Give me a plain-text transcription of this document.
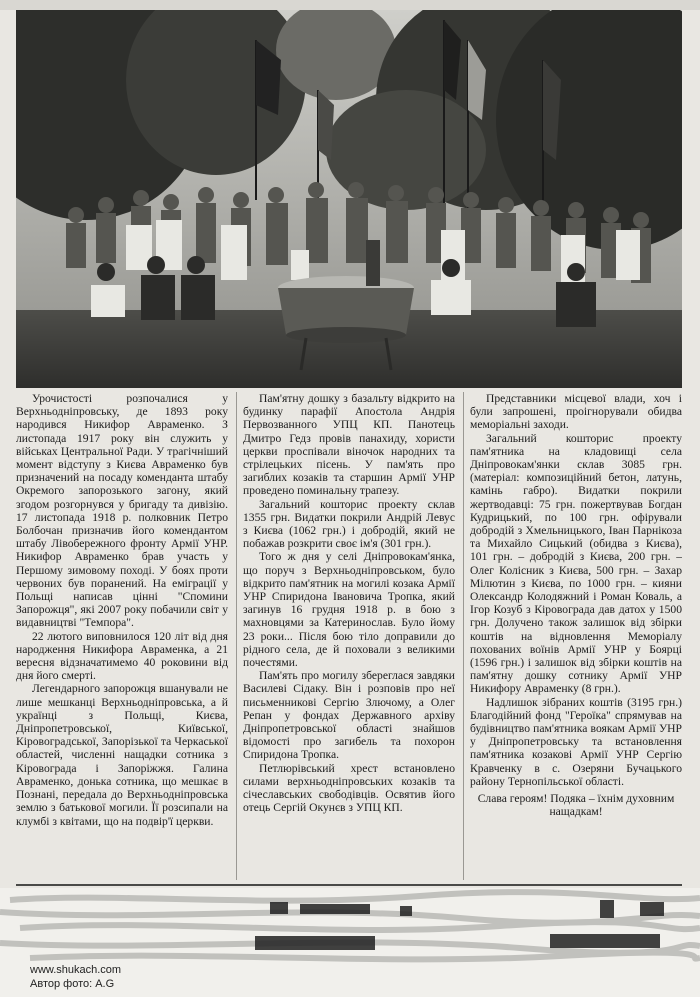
Урочистості розпочалися у Верхньодніпровську, де 1893 року народився Никифор Авраменко. З листопада 1917 року він служить у військах Центральної Ради. У трагічніший момент відступу з Києва Авраменко був призначений на посаду коменданта штабу Окремого запорозького загону, який згодом розгорнувся у бригаду та дивізію. 17 листопада 1918 р. полковник Петро Болбочан призначив його комендантом штабу Лівобережного фронту Армії УНР. Никифор Авраменко брав участь у Першому зимовому поході. У боях проти червоних був поранений. На еміграції у Польщі написав цінні "Спомини Запорожця", які 2007 року побачили світ у видавництві "Темпора".

22 лютого виповнилося 120 літ від дня народження Никифора Авраменка, а 21 вересня відзначатимемо 40 роковини від дня його смерті.

Легендарного запорожця вшанували не лише мешканці Верхньодніпровська, а й українці з Польщі, Києва, Дніпропетровської, Київської, Кіровоградської, Запорізької та Черкаської областей, численні нащадки сотника з Кіровограда і Запоріжжя. Галина Авраменко, донька сотника, що мешкає в Познані, передала до Верхньодніпровська землю з батькової могили. Її розсипали на клумбі з квітами, що на подвір'ї церкви.

Пам'ятну дошку з базальту відкрито на будинку парафії Апостола Андрія Первозванного УПЦ КП. Панотець Дмитро Гедз провів панахиду, хористи церкви проспівали віночок народних та стрілецьких пісень. У пам'ять про загиблих козаків та старшин Армії УНР проведено поминальну трапезу.

Загальний кошторис проекту склав 1355 грн. Видатки покрили Андрій Левус з Києва (1062 грн.) і добродій, який не побажав розкрити своє ім'я (301 грн.).

Того ж дня у селі Дніпровокам'янка, що поруч з Верхньодніпровськом, було відкрито пам'ятник на могилі козака Армії УНР Спиридона Івановича Тропка, який загинув 16 грудня 1918 р. в бою з махновцями за Катеринослав. Було йому 23 роки... Після бою тіло доправили до рідного села, де й поховали з великими почестями.

Пам'ять про могилу збереглася завдяки Василеві Сідаку. Він і розповів про неї письменникові Сергію Злючому, а Олег Репан у фондах Державного архіву Дніпропетровської області знайшов відомості про загибель та похорон Спиридона Тропка.

Петлюрівський хрест встановлено силами верхньодніпровських козаків та січеславських свободівців. Освятив його отець Сергій Окунєв з УПЦ КП.

Представники місцевої влади, хоч і були запрошені, проігнорували обидва меморіальні заходи.

Загальний кошторис проекту пам'ятника на кладовищі села Дніпровокам'янки склав 3085 грн. (матеріал: композиційний бетон, латунь, камінь габро). Видатки покрили жертводавці: 75 грн. пожертвував Богдан Кудрицький, по 100 грн. офірували добродій з Хмельницького, Іван Парнікоза та Михайло Сицький (обидва з Києва), 101 грн. – добродій з Києва, 200 грн. – Олег Колісник з Києва, 500 грн. – Захар Мілютин з Києва, по 1000 грн. – кияни Олександр Колодяжний і Роман Коваль, а Ігор Козуб з Кіровограда дав датох у 1500 грн. Долучено також залишок від збірки коштів на відновлення Меморіалу похованих воїнів Армії УНР у Боярці (1596 грн.) і залишок від збірки коштів на пам'ятну дошку сотнику Армії УНР Никифору Авраменку (8 грн.).

Надлишок зібраних коштів (3195 грн.) Благодійний фонд "Героїка" спрямував на будівництво пам'ятника воякам Армії УНР у Дніпропетровську та встановлення пам'ятника козакові Армії УНР Сергію Кравченку в с. Озеряни Бучацького району Тернопільської області.

Слава героям! Подяка – їхнім духовним нащадкам!

www.shukach.com
Автор фото: A.G
